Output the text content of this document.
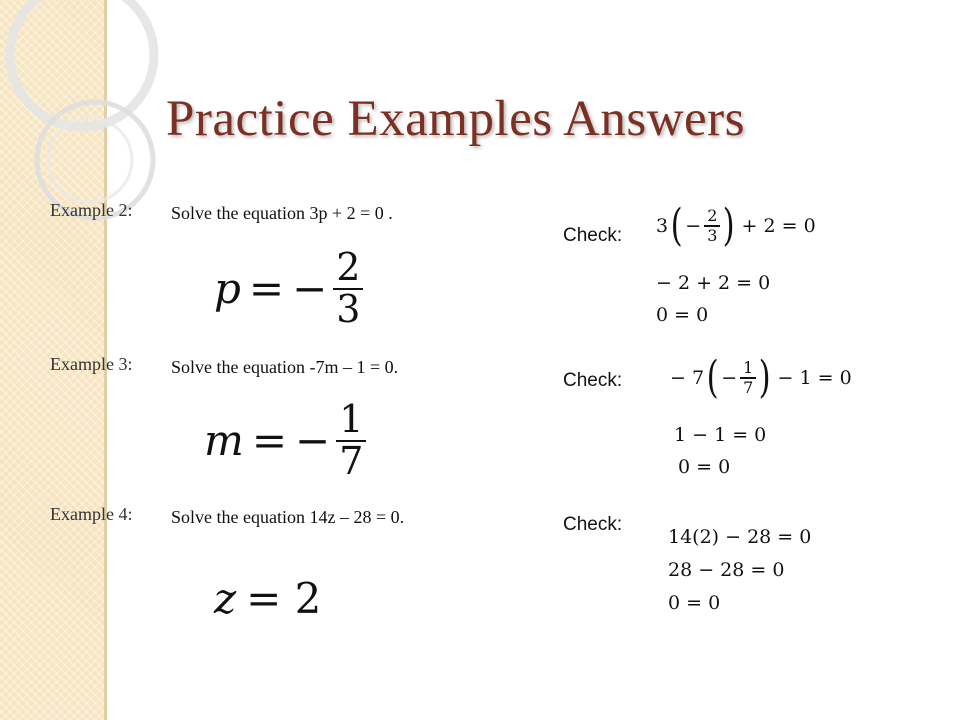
Practice Examples Answers
Example 2: Solve the equation 3p + 2 = 0 .
p = − $\frac{2}{3}$
Check: 3 ( − $\frac{2}{3}$ ) + 2 = 0
− 2 + 2 = 0
0 = 0
Example 3: Solve the equation -7m – 1 = 0.
m = − $\frac{1}{7}$
Check:	− 7 ( − $\frac{1}{7}$ ) − 1 = 0
1 − 1 = 0
0 = 0
Example 4: Solve the equation 14z – 28 = 0.
z = 2
Check:
14(2) − 28 = 0
28 − 28 = 0
0 = 0
